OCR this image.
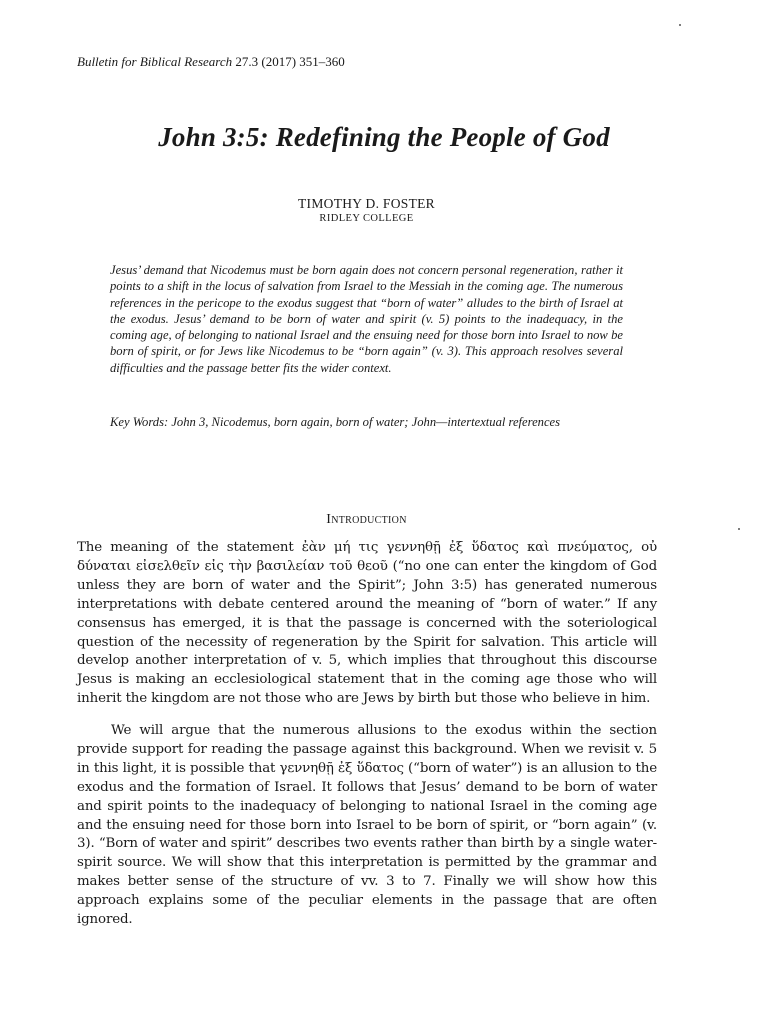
Bulletin for Biblical Research 27.3 (2017) 351–360
John 3:5: Redefining the People of God
TIMOTHY D. FOSTER
RIDLEY COLLEGE

Jesus’ demand that Nicodemus must be born again does not concern personal regeneration, rather it points to a shift in the locus of salvation from Israel to the Messiah in the coming age. The numerous references in the pericope to the exodus suggest that “born of water” alludes to the birth of Israel at the exodus. Jesus’ demand to be born of water and spirit (v. 5) points to the inadequacy, in the coming age, of belonging to national Israel and the ensuing need for those born into Israel to now be born of spirit, or for Jews like Nicodemus to be “born again” (v. 3). This approach resolves several difficulties and the passage better fits the wider context.

Key Words: John 3, Nicodemus, born again, born of water; John—intertextual references

Introduction

The meaning of the statement ἐὰν μή τις γεννηθῇ ἐξ ὕδατος καὶ πνεύματος, οὐ δύναται εἰσελθεῖν εἰς τὴν βασιλείαν τοῦ θεοῦ (“no one can enter the kingdom of God unless they are born of water and the Spirit”; John 3:5) has generated numerous interpretations with debate centered around the meaning of “born of water.” If any consensus has emerged, it is that the passage is concerned with the soteriological question of the necessity of regeneration by the Spirit for salvation. This article will develop another interpretation of v. 5, which implies that throughout this discourse Jesus is making an ecclesiological statement that in the coming age those who will inherit the kingdom are not those who are Jews by birth but those who believe in him.

We will argue that the numerous allusions to the exodus within the section provide support for reading the passage against this background. When we revisit v. 5 in this light, it is possible that γεννηθῇ ἐξ ὕδατος (“born of water”) is an allusion to the exodus and the formation of Israel. It follows that Jesus’ demand to be born of water and spirit points to the inadequacy of belonging to national Israel in the coming age and the ensuing need for those born into Israel to be born of spirit, or “born again” (v. 3). “Born of water and spirit” describes two events rather than birth by a single water-spirit source. We will show that this interpretation is permitted by the grammar and makes better sense of the structure of vv. 3 to 7. Finally we will show how this approach explains some of the peculiar elements in the passage that are often ignored.
